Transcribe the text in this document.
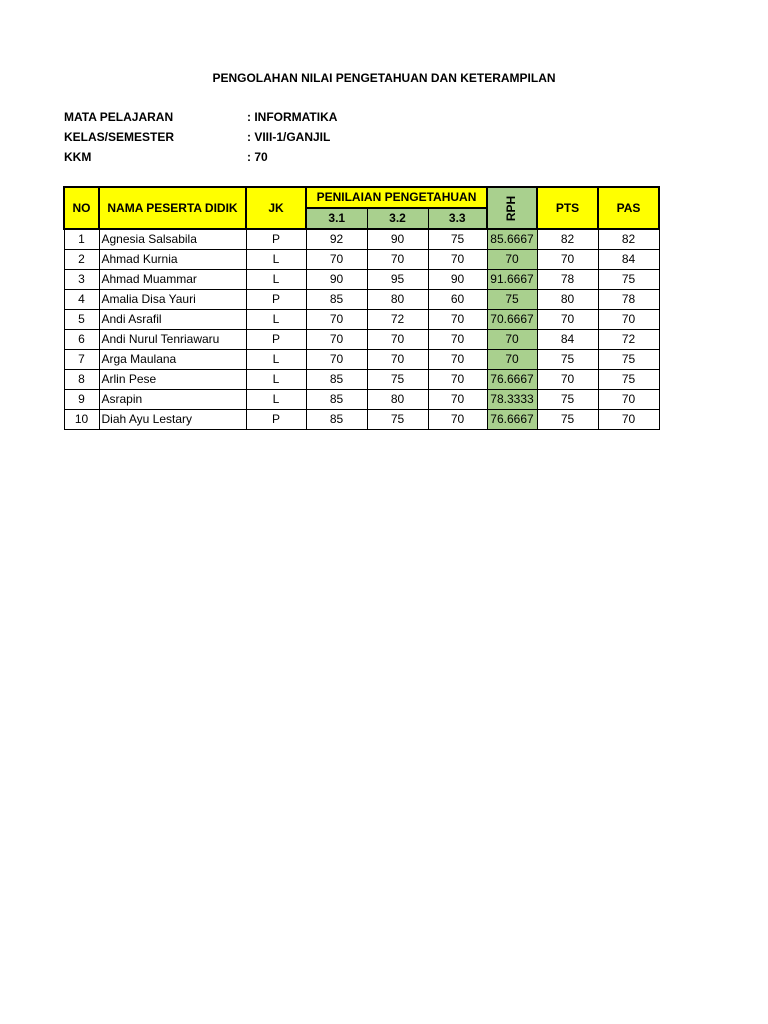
PENGOLAHAN NILAI PENGETAHUAN DAN KETERAMPILAN
MATA PELAJARAN	: INFORMATIKA
KELAS/SEMESTER	: VIII-1/GANJIL
KKM	: 70
NO	NAMA PESERTA DIDIK	JK	PENILAIAN PENGETAHUAN			RPH	PTS	PAS
			3.1	3.2	3.3			
1	Agnesia Salsabila	P	92	90	75	85.6667	82	82
2	Ahmad Kurnia	L	70	70	70	70	70	84
3	Ahmad Muammar	L	90	95	90	91.6667	78	75
4	Amalia Disa Yauri	P	85	80	60	75	80	78
5	Andi Asrafil	L	70	72	70	70.6667	70	70
6	Andi Nurul Tenriawaru	P	70	70	70	70	84	72
7	Arga Maulana	L	70	70	70	70	75	75
8	Arlin Pese	L	85	75	70	76.6667	70	75
9	Asrapin	L	85	80	70	78.3333	75	70
10	Diah Ayu Lestary	P	85	75	70	76.6667	75	70
